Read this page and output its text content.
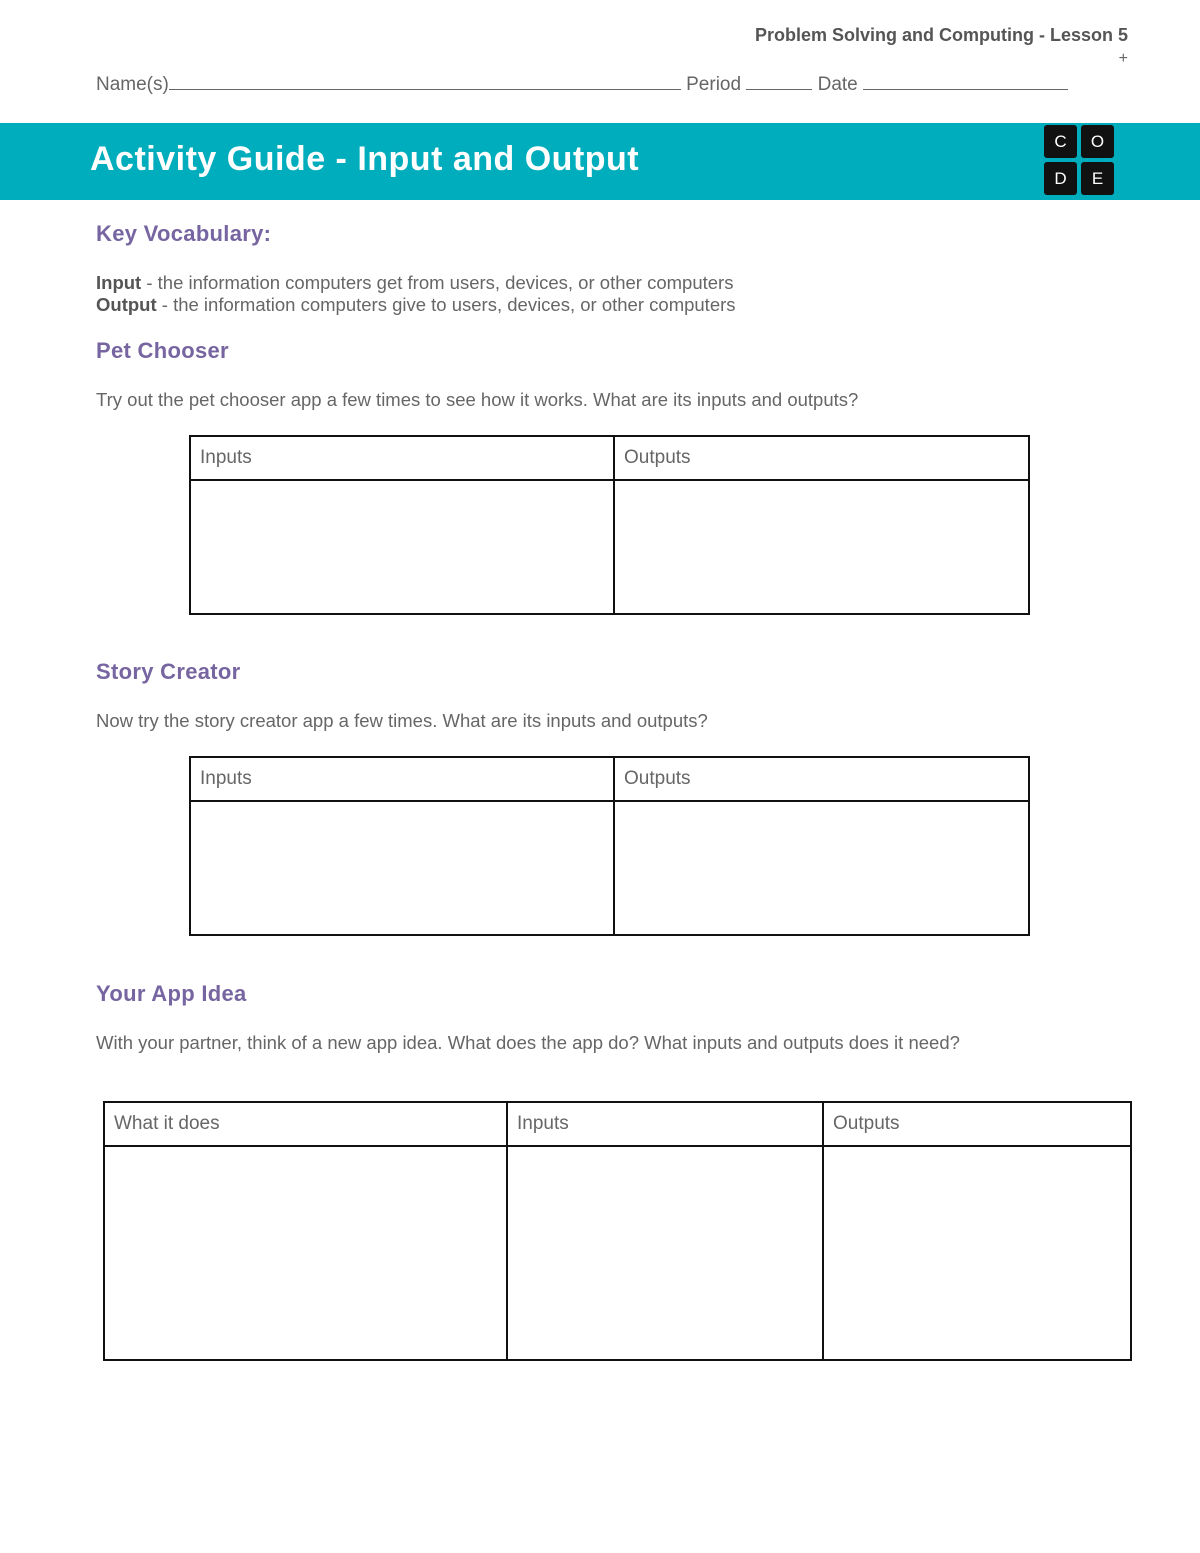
Problem Solving and Computing - Lesson 5
+
Name(s)	Period	Date
Activity Guide - Input and Output	C	O
D	E
Key Vocabulary:
Input - the information computers get from users, devices, or other computers
Output - the information computers give to users, devices, or other computers
Pet Chooser
Try out the pet chooser app a few times to see how it works. What are its inputs and outputs?
Inputs	Outputs

Story Creator
Now try the story creator app a few times. What are its inputs and outputs?
Inputs	Outputs

Your App Idea
With your partner, think of a new app idea. What does the app do? What inputs and outputs does it need?
What it does	Inputs	Outputs
